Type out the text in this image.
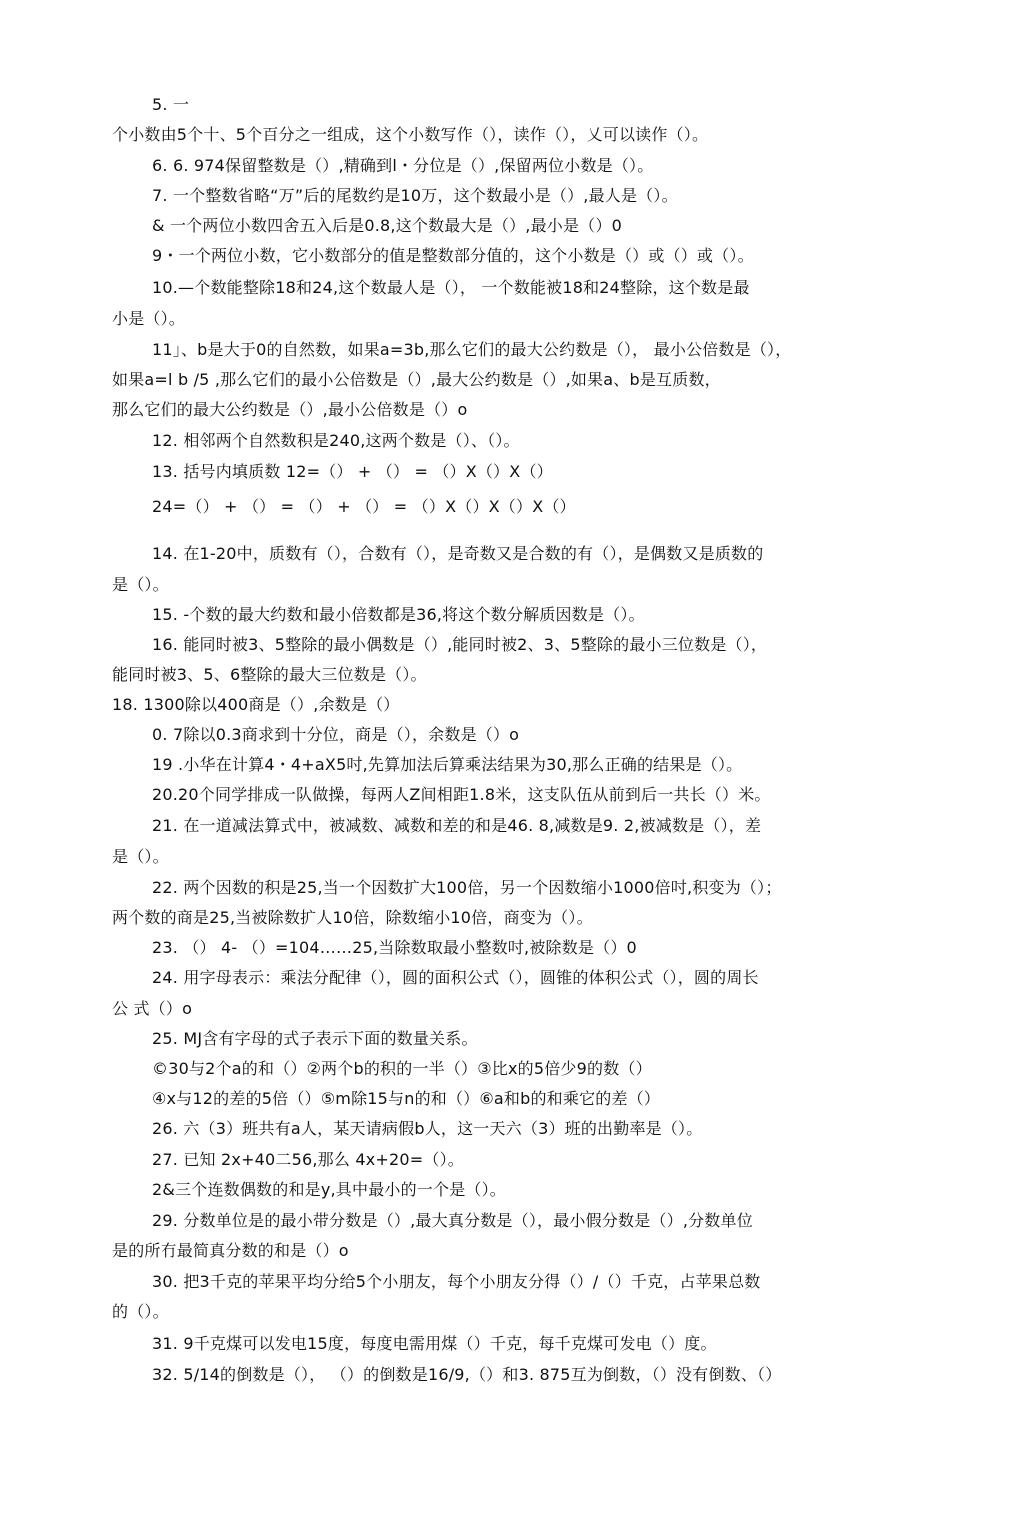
5. 一
个小数由5个十、5个百分之一组成，这个小数写作（），读作（），乂可以读作（）。
6. 6. 974保留整数是（）,精确到l・分位是（）,保留两位小数是（）。
7. 一个整数省略“万”后的尾数约是10万，这个数最小是（）,最人是（）。
& 一个两位小数四舍五入后是0.8,这个数最大是（）,最小是（）0
9・一个两位小数，它小数部分的值是整数部分值的，这个小数是（）或（）或（）。
10.—个数能整除18和24,这个数最人是（）， 一个数能被18和24整除，这个数是最
小是（）。
11」、b是大于0的自然数，如果a=3b,那么它们的最大公约数是（）， 最小公倍数是（），
如果a=l b /5 ,那么它们的最小公倍数是（）,最大公约数是（）,如果a、b是互质数，
那么它们的最大公约数是（）,最小公倍数是（）o
12. 相邻两个自然数积是240,这两个数是（）、（）。
13. 括号内填质数 12=（） + （） = （）X（）X（）
24=（） + （） = （） + （） = （）X（）X（）X（）
14. 在1-20中，质数有（），合数有（），是奇数又是合数的有（），是偶数又是质数的
是（）。
15. -个数的最大约数和最小倍数都是36,将这个数分解质因数是（）。
16. 能同时被3、5整除的最小偶数是（）,能同时被2、3、5整除的最小三位数是（），
能同时被3、5、6整除的最大三位数是（）。
18. 1300除以400商是（）,余数是（）
0. 7除以0.3商求到十分位，商是（），余数是（）o
19 .小华在计算4・4+aX5吋,先算加法后算乘法结果为30,那么正确的结果是（）。
20.20个同学排成一队做操，每两人Z间相距1.8米，这支队伍从前到后一共长（）米。
21. 在一道减法算式中，被减数、减数和差的和是46. 8,减数是9. 2,被减数是（），差
是（）。
22. 两个因数的积是25,当一个因数扩大100倍，另一个因数缩小1000倍吋,积变为（）；
两个数的商是25,当被除数扩人10倍，除数缩小10倍，商变为（）。
23. （） 4- （）=104……25,当除数取最小整数吋,被除数是（）0
24. 用字母表示：乘法分配律（），圆的面积公式（），圆锥的体积公式（），圆的周长
公 式（）o
25. MJ含有字母的式子表示下面的数量关系。
©30与2个a的和（）②两个b的积的一半（）③比x的5倍少9的数（）
④x与12的差的5倍（）⑤m除15与n的和（）⑥a和b的和乘它的差（）
26. 六（3）班共有a人，某天请病假b人，这一天六（3）班的出勤率是（）。
27. 已知 2x+40二56,那么 4x+20=（）。
2&三个连数偶数的和是y,具中最小的一个是（）。
29. 分数单位是的最小带分数是（）,最大真分数是（），最小假分数是（）,分数单位
是的所冇最简真分数的和是（）o
30. 把3千克的苹果平均分给5个小朋友，每个小朋友分得（）/（）千克，占苹果总数
的（）。
31. 9千克煤可以发电15度，每度电需用煤（）千克，每千克煤可发电（）度。
32. 5/14的倒数是（）， （）的倒数是16/9,（）和3. 875互为倒数，（）没有倒数、（）
